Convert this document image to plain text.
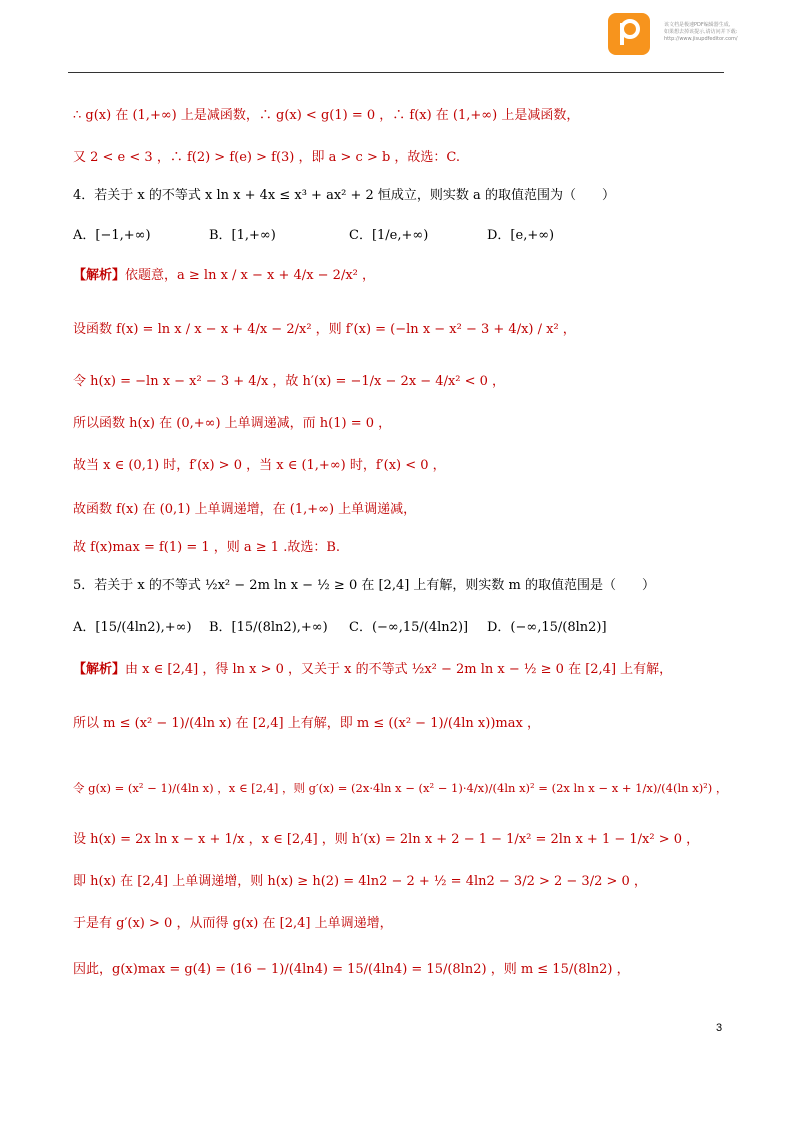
该文档是极速PDF编辑器生成,
如果想去掉该提示,请访问并下载:
http://www.jisupdfeditor.com/
∴ g(x) 在 (1,+∞) 上是减函数，∴ g(x) < g(1) = 0 ，∴ f(x) 在 (1,+∞) 上是减函数，
又 2 < e < 3 ，∴ f(2) > f(e) > f(3) ，即 a > c > b ，故选：C.
4．若关于 x 的不等式 x ln x + 4x ≤ x³ + ax² + 2 恒成立，则实数 a 的取值范围为（　　）
A．[−1,+∞)	B．[1,+∞)	C．[1/e,+∞)	D．[e,+∞)
【解析】依题意，a ≥ ln x / x − x + 4/x − 2/x² ，
设函数 f(x) = ln x / x − x + 4/x − 2/x² ，则 f′(x) = (−ln x − x² − 3 + 4/x) / x² ，
令 h(x) = −ln x − x² − 3 + 4/x ，故 h′(x) = −1/x − 2x − 4/x² < 0 ，
所以函数 h(x) 在 (0,+∞) 上单调递减，而 h(1) = 0 ，
故当 x ∈ (0,1) 时，f′(x) > 0 ，当 x ∈ (1,+∞) 时，f′(x) < 0 ，
故函数 f(x) 在 (0,1) 上单调递增，在 (1,+∞) 上单调递减，
故 f(x)max = f(1) = 1 ，则 a ≥ 1 .故选：B.
5．若关于 x 的不等式 ½x² − 2m ln x − ½ ≥ 0 在 [2,4] 上有解，则实数 m 的取值范围是（　　）
A．[15/(4ln2),+∞) B．[15/(8ln2),+∞) C．(−∞,15/(4ln2)] D．(−∞,15/(8ln2)]
【解析】由 x ∈ [2,4] ，得 ln x > 0 ，又关于 x 的不等式 ½x² − 2m ln x − ½ ≥ 0 在 [2,4] 上有解，
所以 m ≤ (x² − 1)/(4ln x) 在 [2,4] 上有解，即 m ≤ ((x² − 1)/(4ln x))max ，
令 g(x) = (x² − 1)/(4ln x) ，x ∈ [2,4] ，则 g′(x) = (2x·4ln x − (x² − 1)·4/x)/(4ln x)² = (2x ln x − x + 1/x)/(4(ln x)²) ，
设 h(x) = 2x ln x − x + 1/x ，x ∈ [2,4] ，则 h′(x) = 2ln x + 2 − 1 − 1/x² = 2ln x + 1 − 1/x² > 0 ，
即 h(x) 在 [2,4] 上单调递增，则 h(x) ≥ h(2) = 4ln2 − 2 + ½ = 4ln2 − 3/2 > 2 − 3/2 > 0 ，
于是有 g′(x) > 0 ，从而得 g(x) 在 [2,4] 上单调递增，
因此，g(x)max = g(4) = (16 − 1)/(4ln4) = 15/(4ln4) = 15/(8ln2) ，则 m ≤ 15/(8ln2) ，
3
